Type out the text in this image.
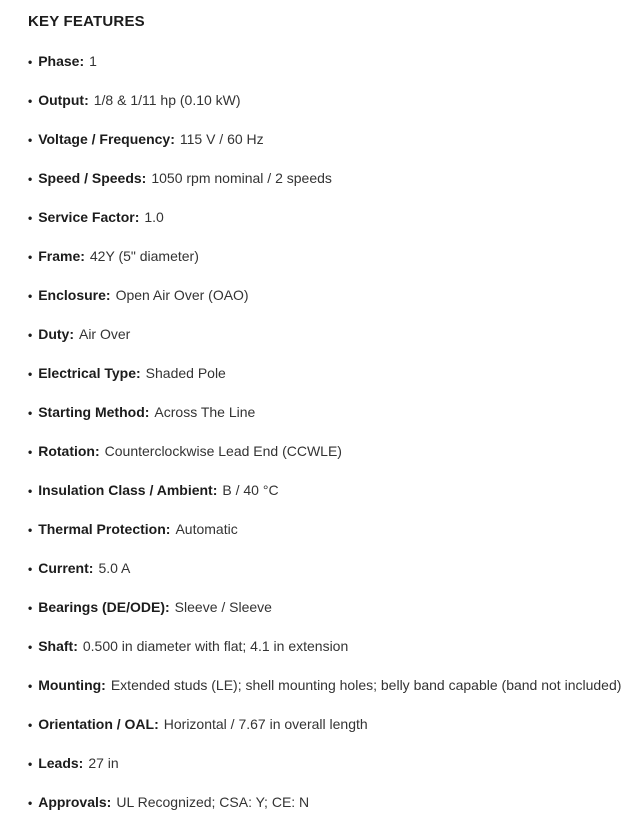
KEY FEATURES
• Phase: 1
• Output: 1/8 & 1/11 hp (0.10 kW)
• Voltage / Frequency: 115 V / 60 Hz
• Speed / Speeds: 1050 rpm nominal / 2 speeds
• Service Factor: 1.0
• Frame: 42Y (5" diameter)
• Enclosure: Open Air Over (OAO)
• Duty: Air Over
• Electrical Type: Shaded Pole
• Starting Method: Across The Line
• Rotation: Counterclockwise Lead End (CCWLE)
• Insulation Class / Ambient: B / 40 °C
• Thermal Protection: Automatic
• Current: 5.0 A
• Bearings (DE/ODE): Sleeve / Sleeve
• Shaft: 0.500 in diameter with flat; 4.1 in extension
• Mounting: Extended studs (LE); shell mounting holes; belly band capable (band not included)
• Orientation / OAL: Horizontal / 7.67 in overall length
• Leads: 27 in
• Approvals: UL Recognized; CSA: Y; CE: N
